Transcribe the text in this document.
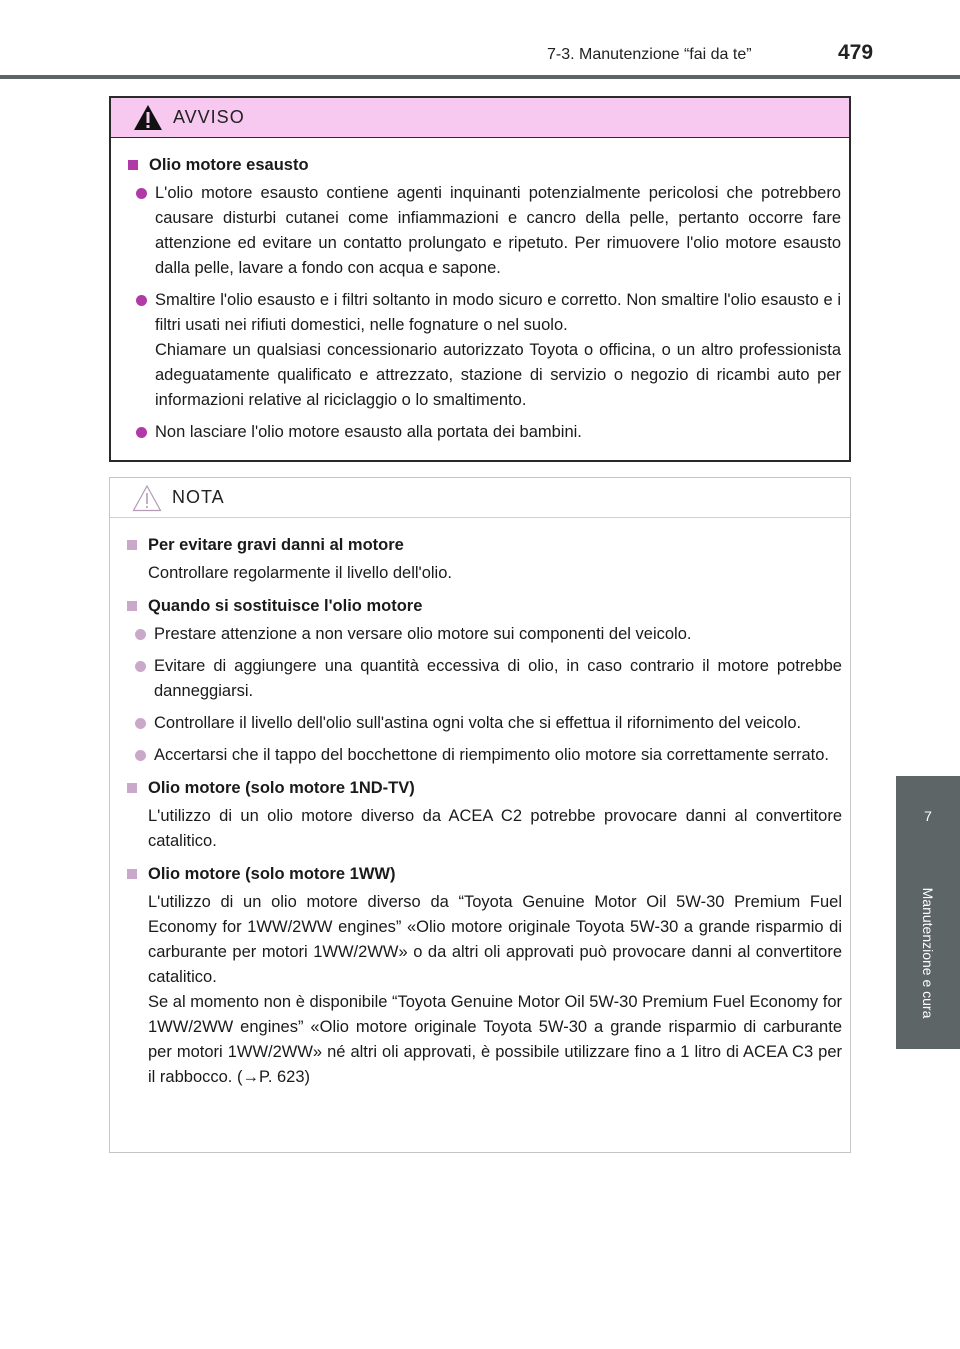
7-3. Manutenzione “fai da te”	479
7
Manutenzione e cura
AVVISO
Olio motore esausto
L'olio motore esausto contiene agenti inquinanti potenzialmente pericolosi che potrebbero causare disturbi cutanei come infiammazioni e cancro della pelle, pertanto occorre fare attenzione ed evitare un contatto prolungato e ripetuto. Per rimuovere l'olio motore esausto dalla pelle, lavare a fondo con acqua e sapone.
Smaltire l'olio esausto e i filtri soltanto in modo sicuro e corretto. Non smaltire l'olio esausto e i filtri usati nei rifiuti domestici, nelle fognature o nel suolo.
Chiamare un qualsiasi concessionario autorizzato Toyota o officina, o un altro professionista adeguatamente qualificato e attrezzato, stazione di servizio o negozio di ricambi auto per informazioni relative al riciclaggio o lo smaltimento.
Non lasciare l'olio motore esausto alla portata dei bambini.
NOTA
Per evitare gravi danni al motore
Controllare regolarmente il livello dell'olio.
Quando si sostituisce l'olio motore
Prestare attenzione a non versare olio motore sui componenti del veicolo.
Evitare di aggiungere una quantità eccessiva di olio, in caso contrario il motore potrebbe danneggiarsi.
Controllare il livello dell'olio sull'astina ogni volta che si effettua il rifornimento del veicolo.
Accertarsi che il tappo del bocchettone di riempimento olio motore sia correttamente serrato.
Olio motore (solo motore 1ND-TV)
L'utilizzo di un olio motore diverso da ACEA C2 potrebbe provocare danni al convertitore catalitico.
Olio motore (solo motore 1WW)
L'utilizzo di un olio motore diverso da “Toyota Genuine Motor Oil 5W-30 Premium Fuel Economy for 1WW/2WW engines” «Olio motore originale Toyota 5W-30 a grande risparmio di carburante per motori 1WW/2WW» o da altri oli approvati può provocare danni al convertitore catalitico.
Se al momento non è disponibile “Toyota Genuine Motor Oil 5W-30 Premium Fuel Economy for 1WW/2WW engines” «Olio motore originale Toyota 5W-30 a grande risparmio di carburante per motori 1WW/2WW» né altri oli approvati, è possibile utilizzare fino a 1 litro di ACEA C3 per il rabbocco. (→P. 623)
